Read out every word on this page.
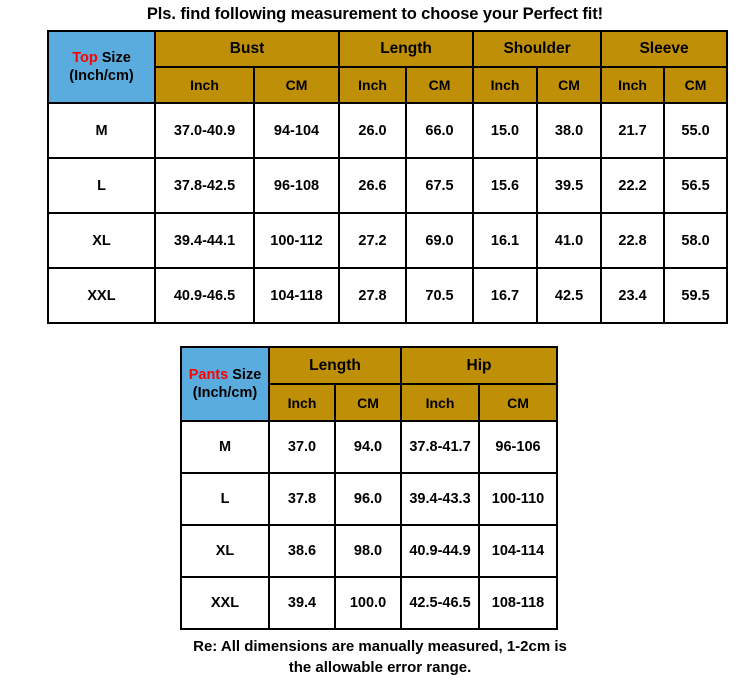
Pls. find following measurement to choose your Perfect fit!
Top Size
(Inch/cm)	Bust		Length		Shoulder		Sleeve	
	Inch	CM	Inch	CM	Inch	CM	Inch	CM
M	37.0-40.9	94-104	26.0	66.0	15.0	38.0	21.7	55.0
L	37.8-42.5	96-108	26.6	67.5	15.6	39.5	22.2	56.5
XL	39.4-44.1	100-112	27.2	69.0	16.1	41.0	22.8	58.0
XXL	40.9-46.5	104-118	27.8	70.5	16.7	42.5	23.4	59.5
Pants Size
(Inch/cm)	Length		Hip	
	Inch	CM	Inch	CM
M	37.0	94.0	37.8-41.7	96-106
L	37.8	96.0	39.4-43.3	100-110
XL	38.6	98.0	40.9-44.9	104-114
XXL	39.4	100.0	42.5-46.5	108-118
Re: All dimensions are manually measured, 1-2cm is the allowable error range.
